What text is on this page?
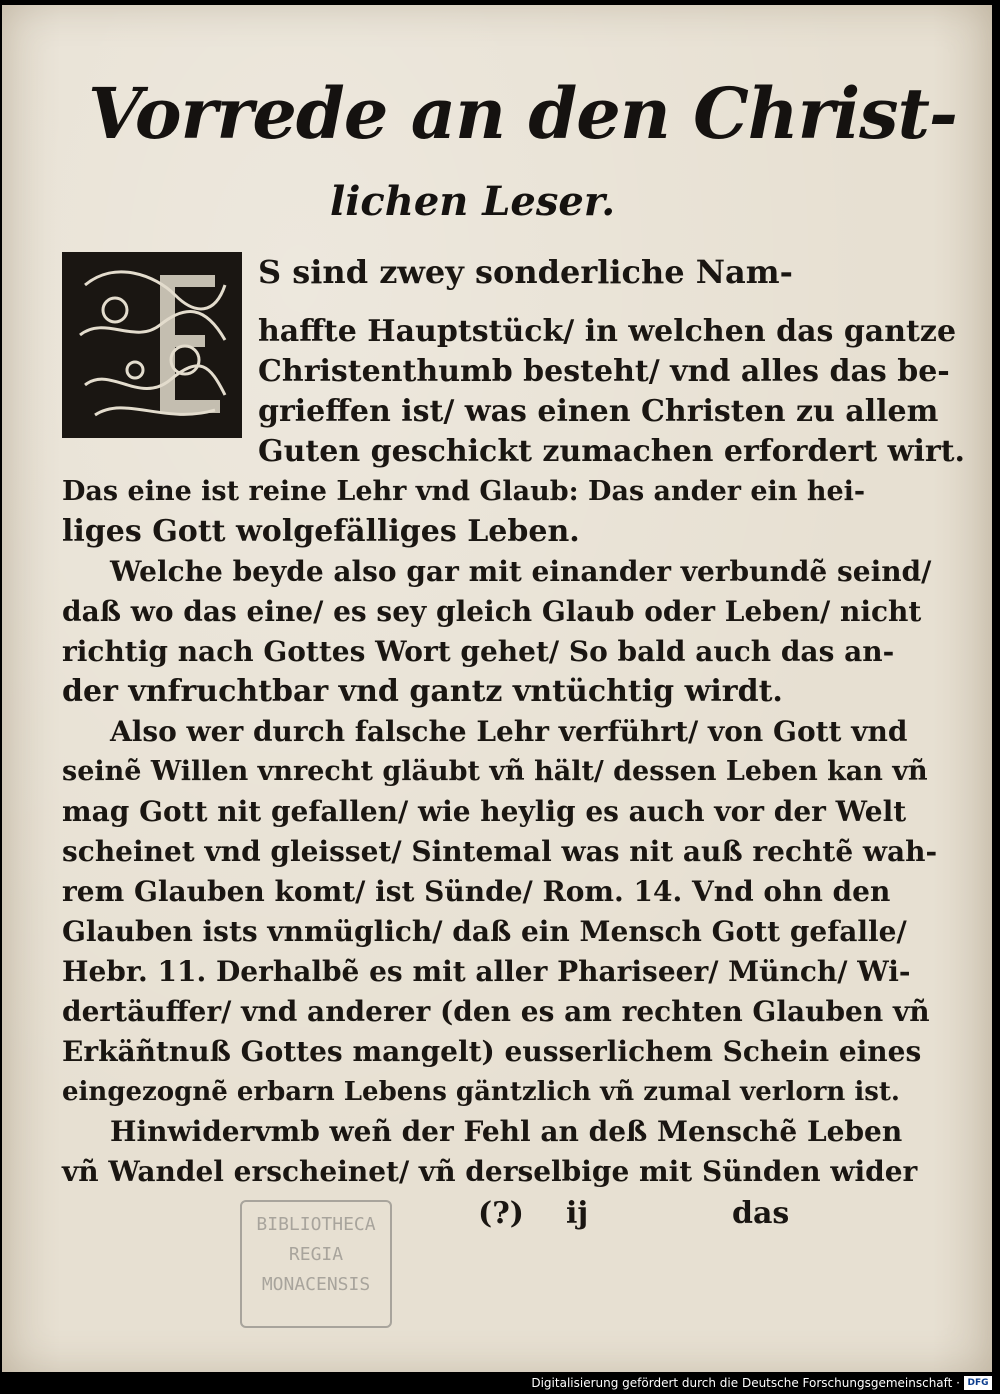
Vorrede an den Christ-
lichen Leser.
S sind zwey sonderliche Nam-
haffte Hauptstück/ in welchen das gantze
Christenthumb besteht/ vnd alles das be-
grieffen ist/ was einen Christen zu allem
Guten geschickt zumachen erfordert wirt.
Das eine ist reine Lehr vnd Glaub: Das ander ein hei-
liges Gott wolgefälliges Leben.
Welche beyde also gar mit einander verbundẽ seind/
daß wo das eine/ es sey gleich Glaub oder Leben/ nicht
richtig nach Gottes Wort gehet/ So bald auch das an-
der vnfruchtbar vnd gantz vntüchtig wirdt.
Also wer durch falsche Lehr verführt/ von Gott vnd
seinẽ Willen vnrecht gläubt vñ hält/ dessen Leben kan vñ
mag Gott nit gefallen/ wie heylig es auch vor der Welt
scheinet vnd gleisset/ Sintemal was nit auß rechtẽ wah-
rem Glauben komt/ ist Sünde/ Rom. 14. Vnd ohn den
Glauben ists vnmüglich/ daß ein Mensch Gott gefalle/
Hebr. 11. Derhalbẽ es mit aller Phariseer/ Münch/ Wi-
dertäuffer/ vnd anderer (den es am rechten Glauben vñ
Erkäñtnuß Gottes mangelt) eusserlichem Schein eines
eingezognẽ erbarn Lebens gäntzlich vñ zumal verlorn ist.
Hinwidervmb weñ der Fehl an deß Menschẽ Leben
vñ Wandel erscheinet/ vñ derselbige mit Sünden wider
(?) ij	das
BIBLIOTHECA
REGIA
MONACENSIS
Digitalisierung gefördert durch die Deutsche Forschungsgemeinschaft · DFG
